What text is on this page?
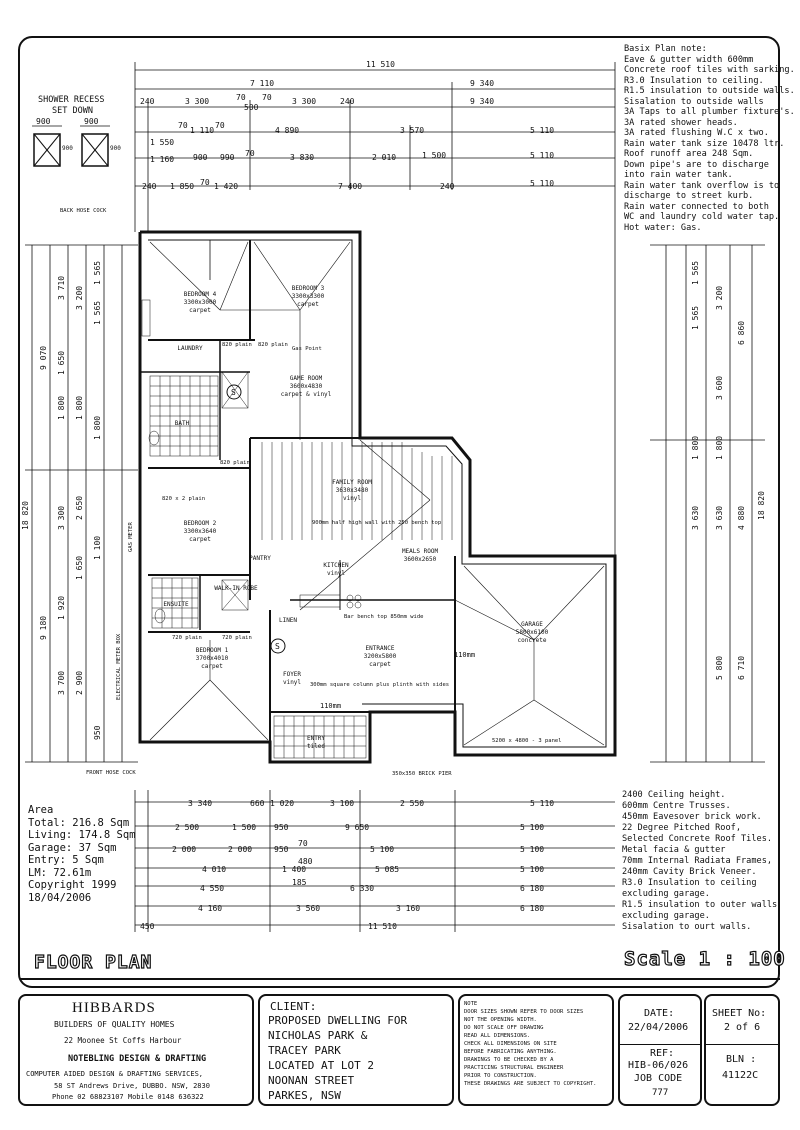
SHOWER RECESS
SET DOWN
900	900
900	900
Basix Plan note:
Eave & gutter width 600mm
Concrete roof tiles with sarking.
R3.0 Insulation to ceiling.
R1.5 insulation to outside walls.
Sisalation to outside walls
3A Taps to all plumber fixture's.
3A rated shower heads.
3A rated flushing W.C x two.
Rain water tank size 10478 ltr.
Roof runoff area 248 Sqm.
Down pipe's are to discharge
into rain water tank.
Rain water tank overflow is to
discharge to street kurb.
Rain water connected to both
WC and laundry cold water tap.
Hot water: Gas.
11 510
7 110	9 340
240	3 300	70 70
500
3 300	240	9 340
1 550
70
1 110
70
4 890	3 570	5 110
1 160 900 990 70	3 830	2 010	1 500	5 110
240 1 850 70 1 420	7 400	240	5 110
18 820
9 070
9 180
3 710
1 650
1 800
3 300
1 920
3 700
3 200
1 800
2 650
1 650
2 900
1 565
1 565
1 800
1 100
950
18 820
6 860
4 880
6 710
3 200
3 600
1 800
3 630
5 800
1 565
1 565
1 800
3 630
3 340	660 1 020	3 100	2 550	5 110
2 500	1 500 950	9 650	5 100
2 000	2 000	950
70
5 100	5 100
4 010	1 400
480
5 085	5 100
4 550
185
6 330	6 180
4 160	3 560	3 160	6 180
450	11 510
S
S
BEDROOM 4
3300x3000
carpet
BEDROOM 3
3300x3300
carpet
LAUNDRY
GAME ROOM
3600x4830
carpet & vinyl
BATH
FAMILY ROOM
3630x3480
vinyl
KITCHEN
vinyl
MEALS ROOM
3600x2650
BEDROOM 2
3300x3640
carpet
ENSUITE
WALK-IN ROBE
PANTRY
LINEN
ENTRANCE
3200x5800
carpet
GARAGE
5800x6100
concrete
BEDROOM 1
3700x4010
carpet
FOYER
vinyl
ENTRY
tiled
BACK HOSE COCK
FRONT HOSE COCK
ELECTRICAL METER BOX
GAS METER
Gas Point
5200 x 4800 - 3 panel
350x350 BRICK PIER
820 plain 820 plain
820 plain
820 x 2 plain
720 plain	720 plain
900mm half high wall with 250 bench top
Bar bench top 850mm wide
300mm square column plus plinth with sides
110mm
110mm
2400 Ceiling height.
600mm Centre Trusses.
450mm Eavesover brick work.
22 Degree Pitched Roof,
Selected Concrete Roof Tiles.
Metal facia & gutter
70mm Internal Radiata Frames,
240mm Cavity Brick Veneer.
R3.0 Insulation to ceiling
excluding garage.
R1.5 insulation to outer walls
excluding garage.
Sisalation to ourt walls.
Area
Total: 216.8 Sqm
Living: 174.8 Sqm
Garage: 37 Sqm
Entry: 5 Sqm
LM: 72.61m
Copyright 1999
18/04/2006
FLOOR PLAN	Scale 1 : 100
HIBBARDS
BUILDERS OF QUALITY HOMES
22 Moonee St Coffs Harbour
NOTEBLING DESIGN & DRAFTING
COMPUTER AIDED DESIGN & DRAFTING SERVICES,
58 ST Andrews Drive, DUBBO. NSW, 2830
Phone 02 68823107 Mobile 0148 636322
CLIENT:
PROPOSED DWELLING FOR
NICHOLAS PARK &
TRACEY PARK
LOCATED AT LOT 2
NOONAN STREET
PARKES, NSW
NOTE
DOOR SIZES SHOWN REFER TO DOOR SIZES
NOT THE OPENING WIDTH.
DO NOT SCALE OFF DRAWING
READ ALL DIMENSIONS.
CHECK ALL DIMENSIONS ON SITE
BEFORE FABRICATING ANYTHING.
DRAWINGS TO BE CHECKED BY A
PRACTICING STRUCTURAL ENGINEER
PRIOR TO CONSTRUCTION.
THESE DRAWINGS ARE SUBJECT TO COPYRIGHT.
DATE:
22/04/2006
REF:
HIB-06/026
JOB CODE
777
SHEET No:
2 of 6
BLN :
41122C
